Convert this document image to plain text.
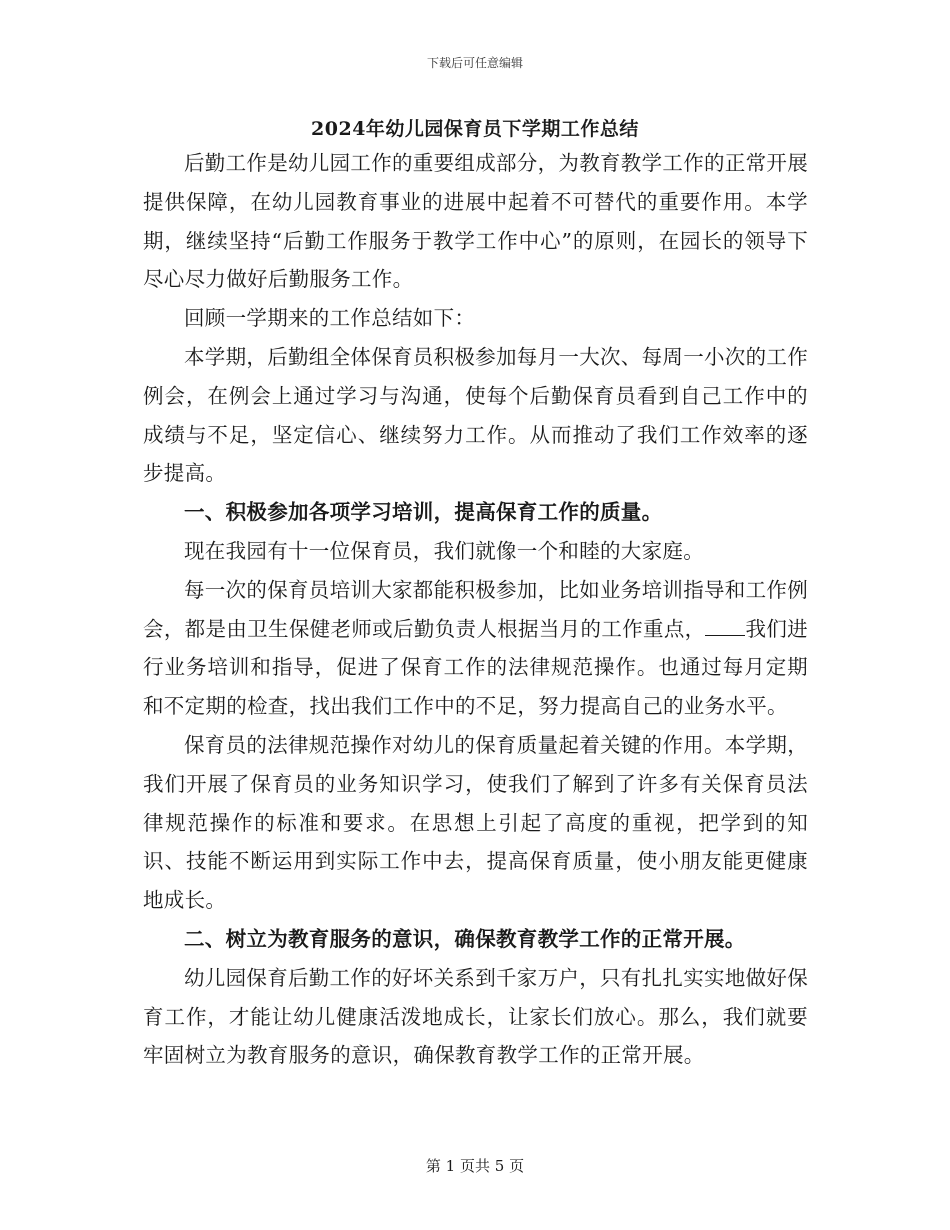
下载后可任意编辑
2024年幼儿园保育员下学期工作总结

后勤工作是幼儿园工作的重要组成部分，为教育教学工作的正常开展提供保障，在幼儿园教育事业的进展中起着不可替代的重要作用。本学期，继续坚持“后勤工作服务于教学工作中心”的原则，在园长的领导下尽心尽力做好后勤服务工作。

回顾一学期来的工作总结如下：

本学期，后勤组全体保育员积极参加每月一大次、每周一小次的工作例会，在例会上通过学习与沟通，使每个后勤保育员看到自己工作中的成绩与不足，坚定信心、继续努力工作。从而推动了我们工作效率的逐步提高。

一、积极参加各项学习培训，提高保育工作的质量。

现在我园有十一位保育员，我们就像一个和睦的大家庭。

每一次的保育员培训大家都能积极参加，比如业务培训指导和工作例会，都是由卫生保健老师或后勤负责人根据当月的工作重点， 我们进行业务培训和指导，促进了保育工作的法律规范操作。也通过每月定期和不定期的检查，找出我们工作中的不足，努力提高自己的业务水平。

保育员的法律规范操作对幼儿的保育质量起着关键的作用。本学期，我们开展了保育员的业务知识学习，使我们了解到了许多有关保育员法律规范操作的标准和要求。在思想上引起了高度的重视，把学到的知识、技能不断运用到实际工作中去，提高保育质量，使小朋友能更健康地成长。

二、树立为教育服务的意识，确保教育教学工作的正常开展。

幼儿园保育后勤工作的好坏关系到千家万户，只有扎扎实实地做好保育工作，才能让幼儿健康活泼地成长，让家长们放心。那么，我们就要牢固树立为教育服务的意识，确保教育教学工作的正常开展。

第 1 页共 5 页
